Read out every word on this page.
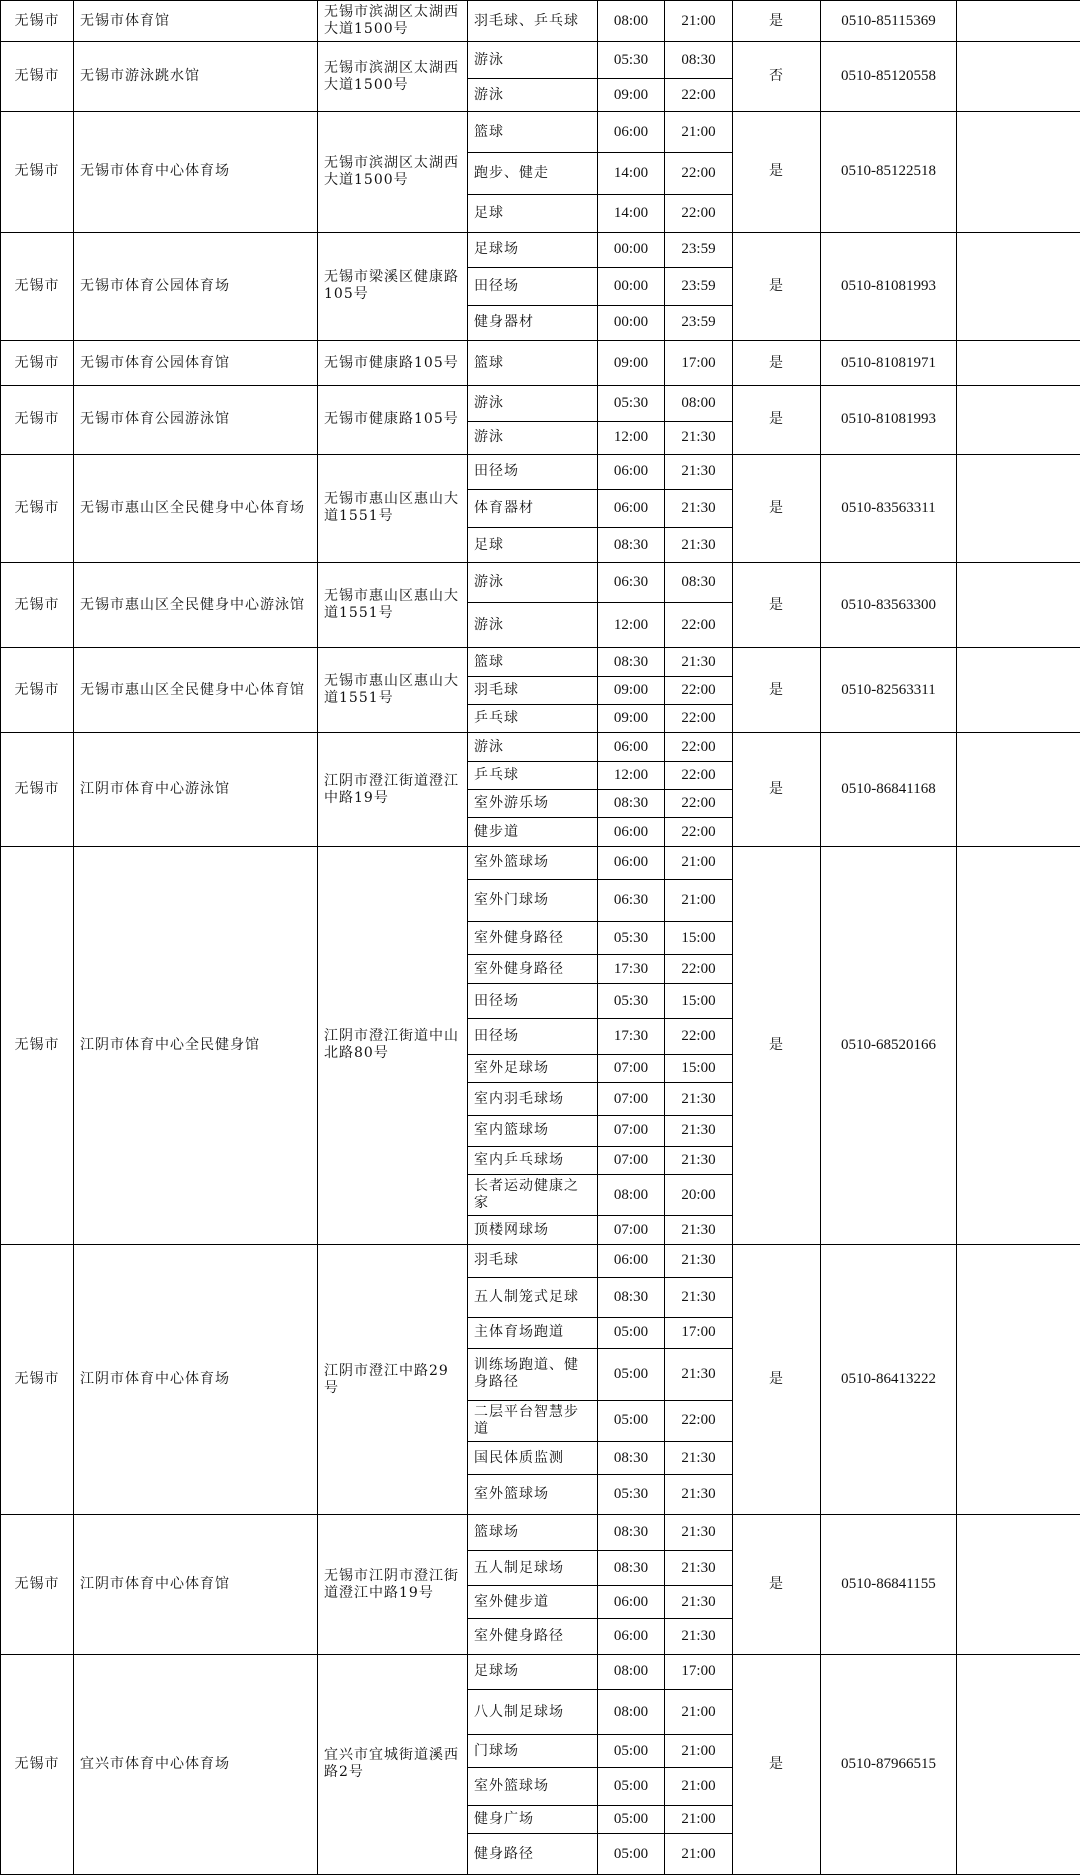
无锡市	无锡市体育馆	无锡市滨湖区太湖西大道1500号	羽毛球、乒乓球	08:00	21:00	是	0510-85115369	
无锡市	无锡市游泳跳水馆	无锡市滨湖区太湖西大道1500号	游泳	05:30	08:30	否	0510-85120558	
			游泳	09:00	22:00			
无锡市	无锡市体育中心体育场	无锡市滨湖区太湖西大道1500号	篮球	06:00	21:00	是	0510-85122518	
			跑步、健走	14:00	22:00			
			足球	14:00	22:00			
无锡市	无锡市体育公园体育场	无锡市梁溪区健康路105号	足球场	00:00	23:59	是	0510-81081993	
			田径场	00:00	23:59			
			健身器材	00:00	23:59			
无锡市	无锡市体育公园体育馆	无锡市健康路105号	篮球	09:00	17:00	是	0510-81081971	
无锡市	无锡市体育公园游泳馆	无锡市健康路105号	游泳	05:30	08:00	是	0510-81081993	
			游泳	12:00	21:30			
无锡市	无锡市惠山区全民健身中心体育场	无锡市惠山区惠山大道1551号	田径场	06:00	21:30	是	0510-83563311	
			体育器材	06:00	21:30			
			足球	08:30	21:30			
无锡市	无锡市惠山区全民健身中心游泳馆	无锡市惠山区惠山大道1551号	游泳	06:30	08:30	是	0510-83563300	
			游泳	12:00	22:00			
无锡市	无锡市惠山区全民健身中心体育馆	无锡市惠山区惠山大道1551号	篮球	08:30	21:30	是	0510-82563311	
			羽毛球	09:00	22:00			
			乒乓球	09:00	22:00			
无锡市	江阴市体育中心游泳馆	江阴市澄江街道澄江中路19号	游泳	06:00	22:00	是	0510-86841168	
			乒乓球	12:00	22:00			
			室外游乐场	08:30	22:00			
			健步道	06:00	22:00			
无锡市	江阴市体育中心全民健身馆	江阴市澄江街道中山北路80号	室外篮球场	06:00	21:00	是	0510-68520166	
			室外门球场	06:30	21:00			
			室外健身路径	05:30	15:00			
			室外健身路径	17:30	22:00			
			田径场	05:30	15:00			
			田径场	17:30	22:00			
			室外足球场	07:00	15:00			
			室内羽毛球场	07:00	21:30			
			室内篮球场	07:00	21:30			
			室内乒乓球场	07:00	21:30			
			长者运动健康之家	08:00	20:00			
			顶楼网球场	07:00	21:30			
无锡市	江阴市体育中心体育场	江阴市澄江中路29号	羽毛球	06:00	21:30	是	0510-86413222	
			五人制笼式足球	08:30	21:30			
			主体育场跑道	05:00	17:00			
			训练场跑道、健身路径	05:00	21:30			
			二层平台智慧步道	05:00	22:00			
			国民体质监测	08:30	21:30			
			室外篮球场	05:30	21:30			
无锡市	江阴市体育中心体育馆	无锡市江阴市澄江街道澄江中路19号	篮球场	08:30	21:30	是	0510-86841155	
			五人制足球场	08:30	21:30			
			室外健步道	06:00	21:30			
			室外健身路径	06:00	21:30			
无锡市	宜兴市体育中心体育场	宜兴市宜城街道溪西路2号	足球场	08:00	17:00	是	0510-87966515	
			八人制足球场	08:00	21:00			
			门球场	05:00	21:00			
			室外篮球场	05:00	21:00			
			健身广场	05:00	21:00			
			健身路径	05:00	21:00			
